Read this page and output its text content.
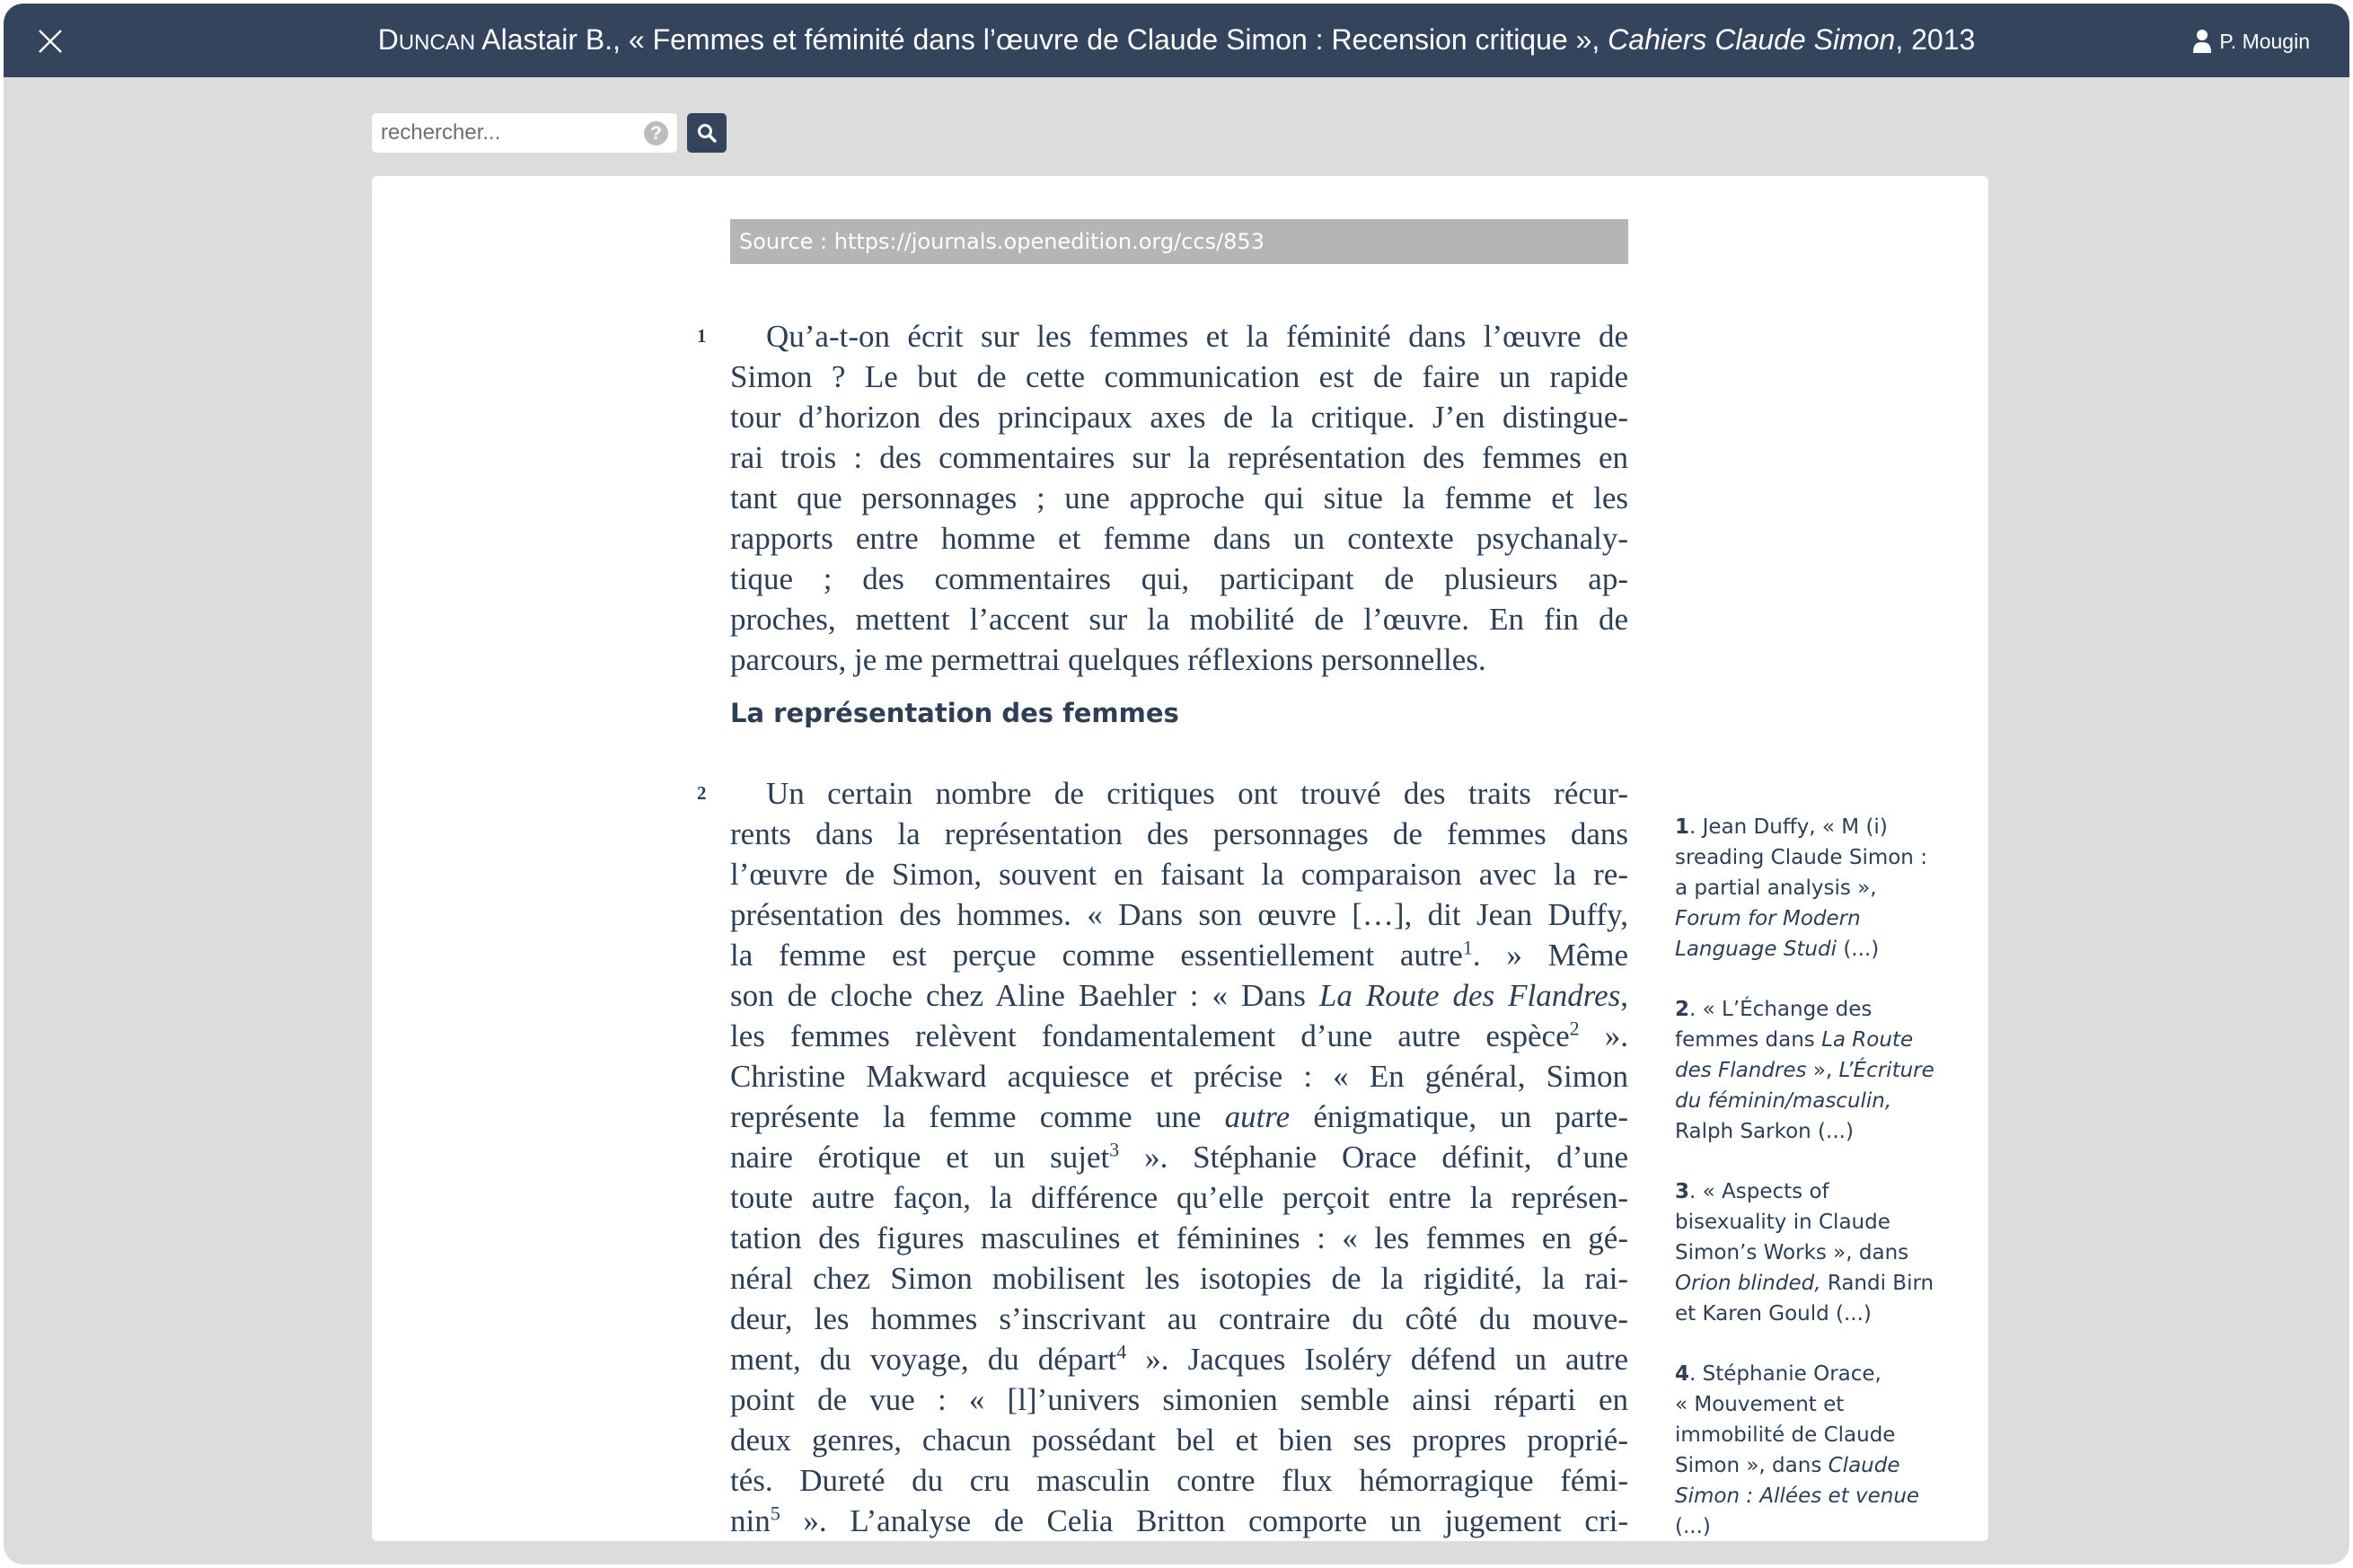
DUNCAN Alastair B., « Femmes et féminité dans l’œuvre de Claude Simon : Recension critique », Cahiers Claude Simon, 2013	P. Mougin
rechercher...
?
Source : https://journals.openedition.org/ccs/853
1	Qu’a-t-on écrit sur les femmes et la féminité dans l’œuvre de
Simon ? Le but de cette communication est de faire un rapide
tour d’horizon des principaux axes de la critique. J’en distingue-
rai trois : des commentaires sur la représentation des femmes en
tant que personnages ; une approche qui situe la femme et les
rapports entre homme et femme dans un contexte psychanaly-
tique ; des commentaires qui, participant de plusieurs ap-
proches, mettent l’accent sur la mobilité de l’œuvre. En fin de
parcours, je me permettrai quelques réflexions personnelles.
La représentation des femmes
2	Un certain nombre de critiques ont trouvé des traits récur-
rents dans la représentation des personnages de femmes dans
l’œuvre de Simon, souvent en faisant la comparaison avec la re-
présentation des hommes. « Dans son œuvre […], dit Jean Duffy,
la femme est perçue comme essentiellement autre$^1$. » Même
son de cloche chez Aline Baehler : « Dans La Route des Flandres,
les femmes relèvent fondamentalement d’une autre espèce$^2$ ».
Christine Makward acquiesce et précise : « En général, Simon
représente la femme comme une autre énigmatique, un parte-
naire érotique et un sujet$^3$ ». Stéphanie Orace définit, d’une
toute autre façon, la différence qu’elle perçoit entre la représen-
tation des figures masculines et féminines : « les femmes en gé-
néral chez Simon mobilisent les isotopies de la rigidité, la rai-
deur, les hommes s’inscrivant au contraire du côté du mouve-
ment, du voyage, du départ$^4$ ». Jacques Isoléry défend un autre
point de vue : « [l]’univers simonien semble ainsi réparti en
deux genres, chacun possédant bel et bien ses propres proprié-
tés. Dureté du cru masculin contre flux hémorragique fémi-
nin$^5$ ». L’analyse de Celia Britton comporte un jugement cri-
1. Jean Duffy, « M (i)
sreading Claude Simon :
a partial analysis »,
Forum for Modern
Language Studi (...)
2. « L’Échange des
femmes dans La Route
des Flandres », L’Écriture
du féminin/masculin,
Ralph Sarkon (...)
3. « Aspects of
bisexuality in Claude
Simon’s Works », dans
Orion blinded, Randi Birn
et Karen Gould (...)
4. Stéphanie Orace,
« Mouvement et
immobilité de Claude
Simon », dans Claude
Simon : Allées et venue
(...)
